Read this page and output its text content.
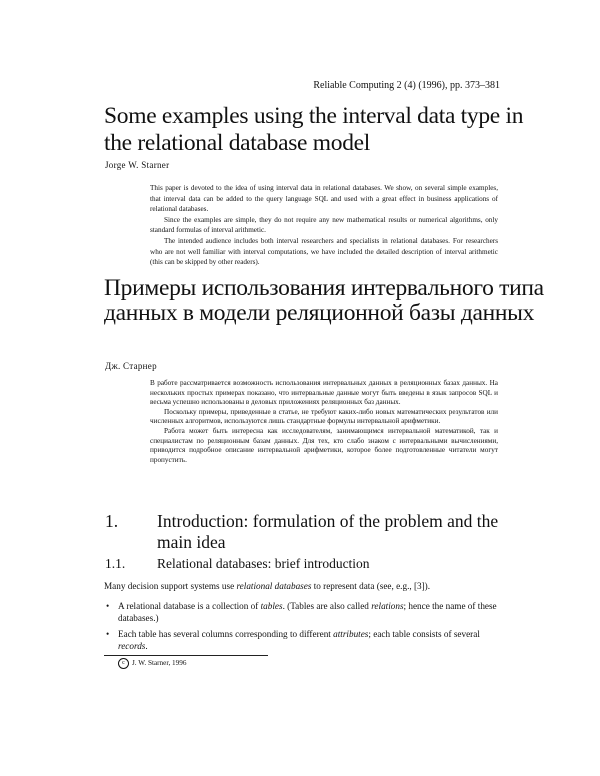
Reliable Computing 2 (4) (1996), pp. 373–381
Some examples using the interval data type in the relational database model
Jorge W. Starner

This paper is devoted to the idea of using interval data in relational databases. We show, on several simple examples, that interval data can be added to the query language SQL and used with a great effect in business applications of relational databases.

Since the examples are simple, they do not require any new mathematical results or numerical algorithms, only standard formulas of interval arithmetic.

The intended audience includes both interval researchers and specialists in relational databases. For researchers who are not well familiar with interval computations, we have included the detailed description of interval arithmetic (this can be skipped by other readers).

Примеры использования интервального типа данных в модели реляционной базы данных
Дж. Старнер

В работе рассматривается возможность использования интервальных данных в реляционных базах данных. На нескольких простых примерах показано, что интервальные данные могут быть введены в язык запросов SQL и весьма успешно использованы в деловых приложениях реляционных баз данных.

Поскольку примеры, приведенные в статье, не требуют каких-либо новых математических результатов или численных алгоритмов, используются лишь стандартные формулы интервальной арифметики.

Работа может быть интересна как исследователям, занимающимся интервальной математикой, так и специалистам по реляционным базам данных. Для тех, кто слабо знаком с интервальными вычислениями, приводится подробное описание интервальной арифметики, которое более подготовленные читатели могут пропустить.

1. Introduction: formulation of the problem and the main idea
1.1. Relational databases: brief introduction
Many decision support systems use relational databases to represent data (see, e.g., [3]).
• A relational database is a collection of tables. (Tables are also called relations; hence the name of these databases.)
• Each table has several columns corresponding to different attributes; each table consists of several records.
c J. W. Starner, 1996
